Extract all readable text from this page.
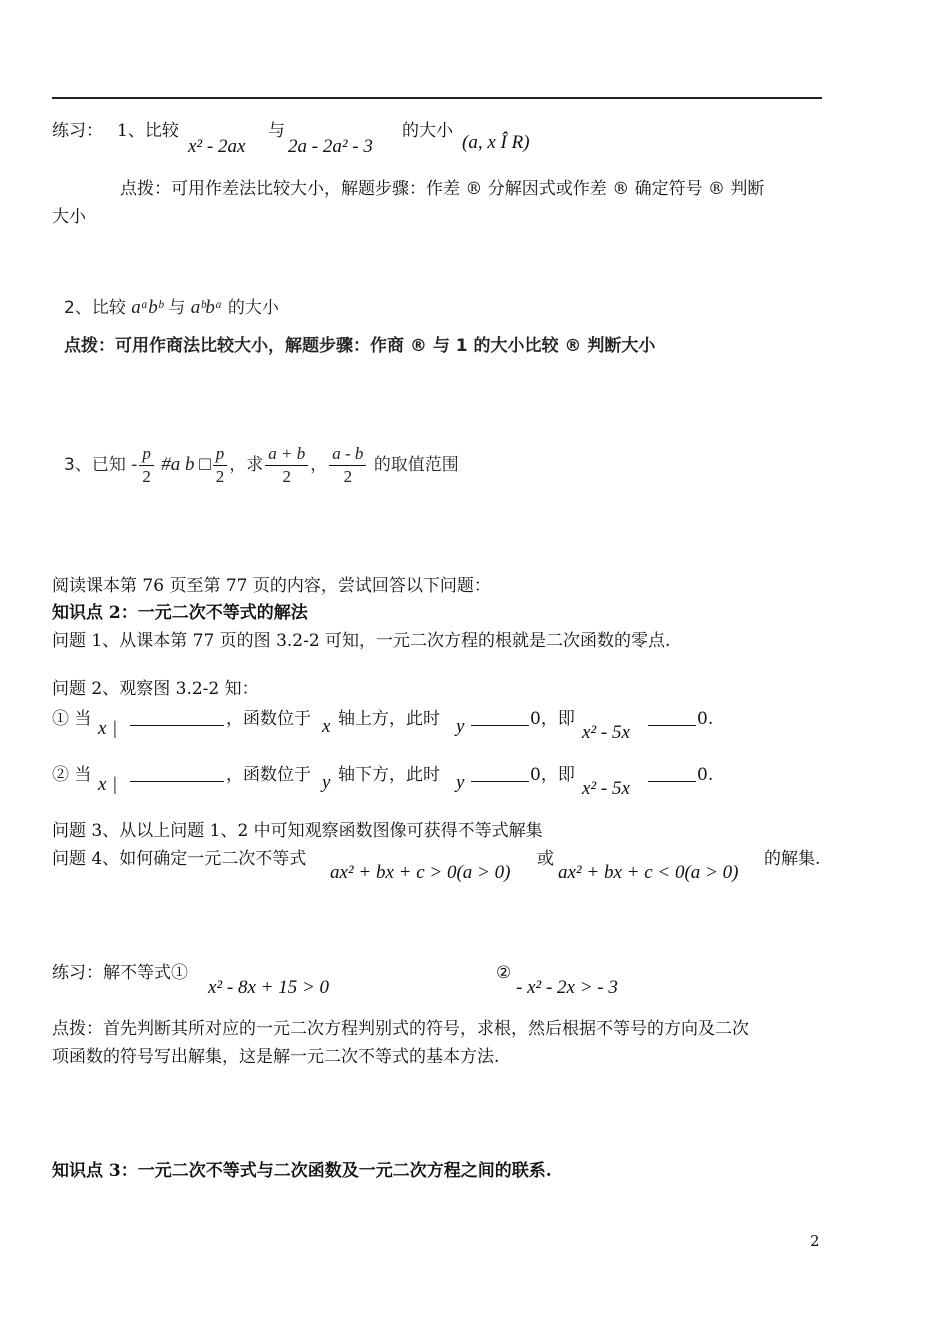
练习： 1、比较
x² - 2ax
与
2a - 2a² - 3
的大小
(a, x Î R)
点拨：可用作差法比较大小，解题步骤：作差 ® 分解因式或作差 ® 确定符号 ® 判断
大小
2、比较 aᵃbᵇ 与 aᵇbᵃ 的大小
点拨：可用作商法比较大小，解题步骤：作商 ® 与 1 的大小比较 ® 判断大小
3、已知 - $\frac{p}{2}$ #a b □ $\frac{p}{2}$ ，求 $\frac{a + b}{2}$ ， $\frac{a - b}{2}$ 的取值范围
阅读课本第 76 页至第 77 页的内容，尝试回答以下问题：
知识点 2：一元二次不等式的解法
问题 1、从课本第 77 页的图 3.2-2 可知，一元二次方程的根就是二次函数的零点.
问题 2、观察图 3.2-2 知：
① 当 x |	，函数位于 x 轴上方，此时 y	0，即
x² - 5x
0.
② 当 x |	，函数位于 y 轴下方，此时 y	0，即
x² - 5x
0.
问题 3、从以上问题 1、2 中可知观察函数图像可获得不等式解集
问题 4、如何确定一元二次不等式
ax² + bx + c > 0(a > 0)
或
ax² + bx + c < 0(a > 0)
的解集.
练习：解不等式①
x² - 8x + 15 > 0
②
- x² - 2x > - 3
点拨：首先判断其所对应的一元二次方程判别式的符号，求根，然后根据不等号的方向及二次
项函数的符号写出解集，这是解一元二次不等式的基本方法.
知识点 3：一元二次不等式与二次函数及一元二次方程之间的联系.
2
